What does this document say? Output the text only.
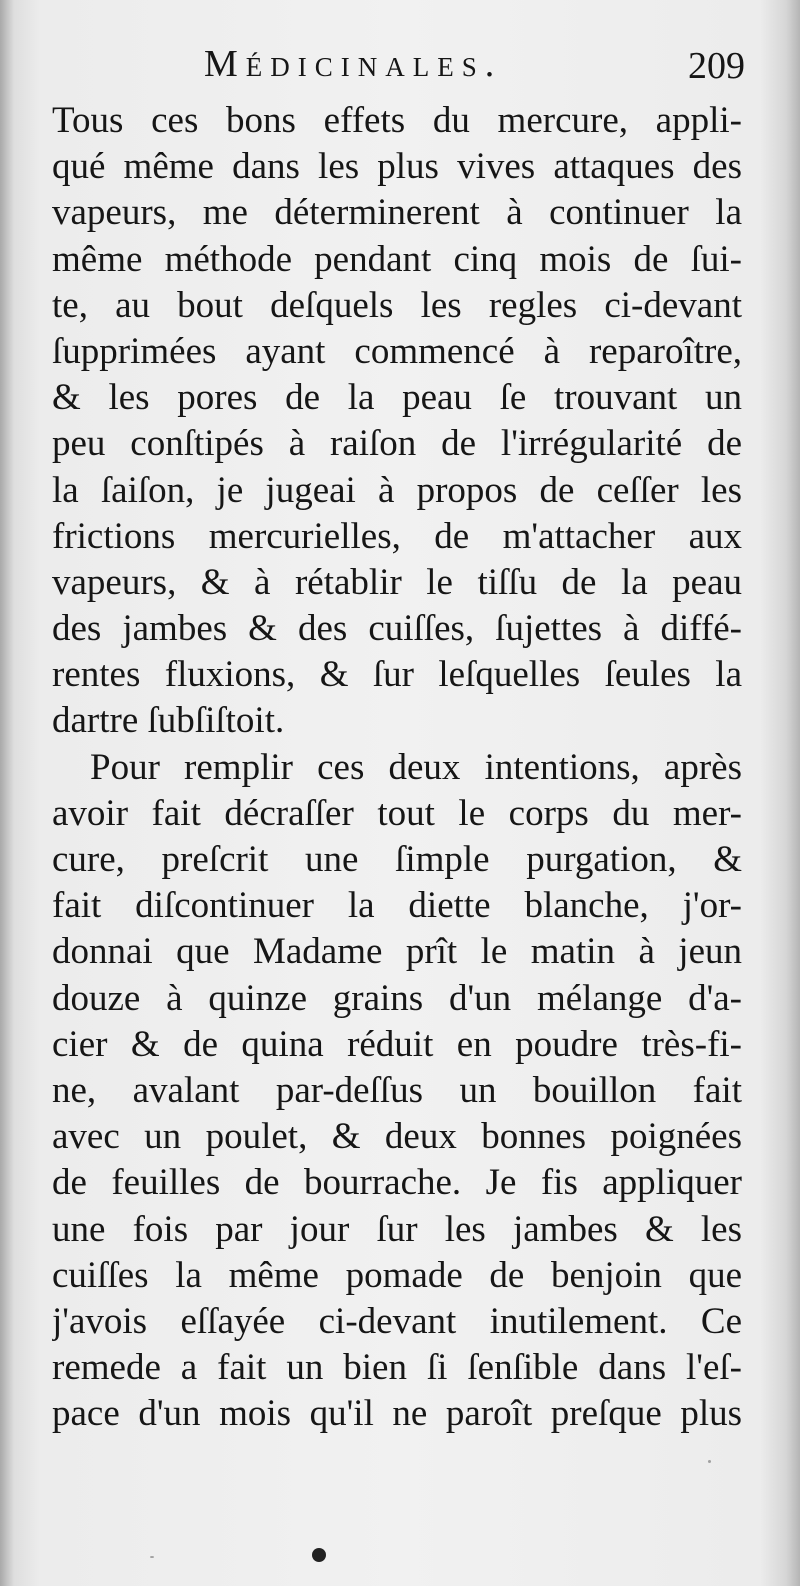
Médicinales.	209
Tous ces bons effets du mercure, appli-
qué même dans les plus vives attaques des
vapeurs, me déterminerent à continuer la
même méthode pendant cinq mois de ſui-
te, au bout deſquels les regles ci-devant
ſupprimées ayant commencé à reparoître,
& les pores de la peau ſe trouvant un
peu conſtipés à raiſon de l'irrégularité de
la ſaiſon, je jugeai à propos de ceſſer les
frictions mercurielles, de m'attacher aux
vapeurs, & à rétablir le tiſſu de la peau
des jambes & des cuiſſes, ſujettes à diffé-
rentes fluxions, & ſur leſquelles ſeules la
dartre ſubſiſtoit.
Pour remplir ces deux intentions, après
avoir fait décraſſer tout le corps du mer-
cure, preſcrit une ſimple purgation, &
fait diſcontinuer la diette blanche, j'or-
donnai que Madame prît le matin à jeun
douze à quinze grains d'un mélange d'a-
cier & de quina réduit en poudre très-fi-
ne, avalant par-deſſus un bouillon fait
avec un poulet, & deux bonnes poignées
de feuilles de bourrache. Je fis appliquer
une fois par jour ſur les jambes & les
cuiſſes la même pomade de benjoin que
j'avois eſſayée ci-devant inutilement. Ce
remede a fait un bien ſi ſenſible dans l'eſ-
pace d'un mois qu'il ne paroît preſque plus
